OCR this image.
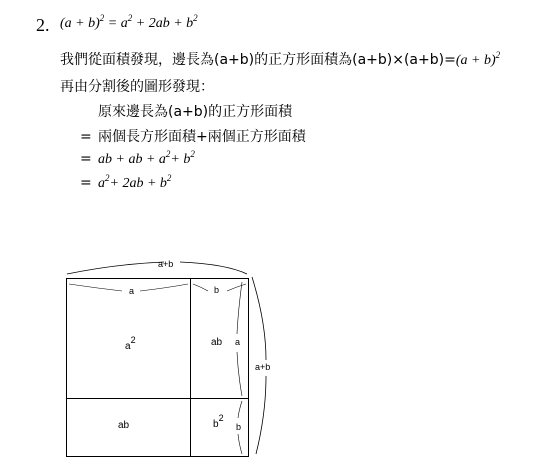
2. $(a + b)^2 = a^2 + 2ab + b^2$
我們從面積發現，邊長為(a+b)的正方形面積為$(a+b)\times(a+b)=(a + b)^2$
再由分割後的圖形發現：
原來邊長為(a+b)的正方形面積
= 兩個長方形面積+兩個正方形面積
= ab + ab + $a^2+ b^2$
= $a^2+ 2ab + b^2$
a+b
a+b
a	b
a
b
$a^2$	ab
ab	$b^2$
